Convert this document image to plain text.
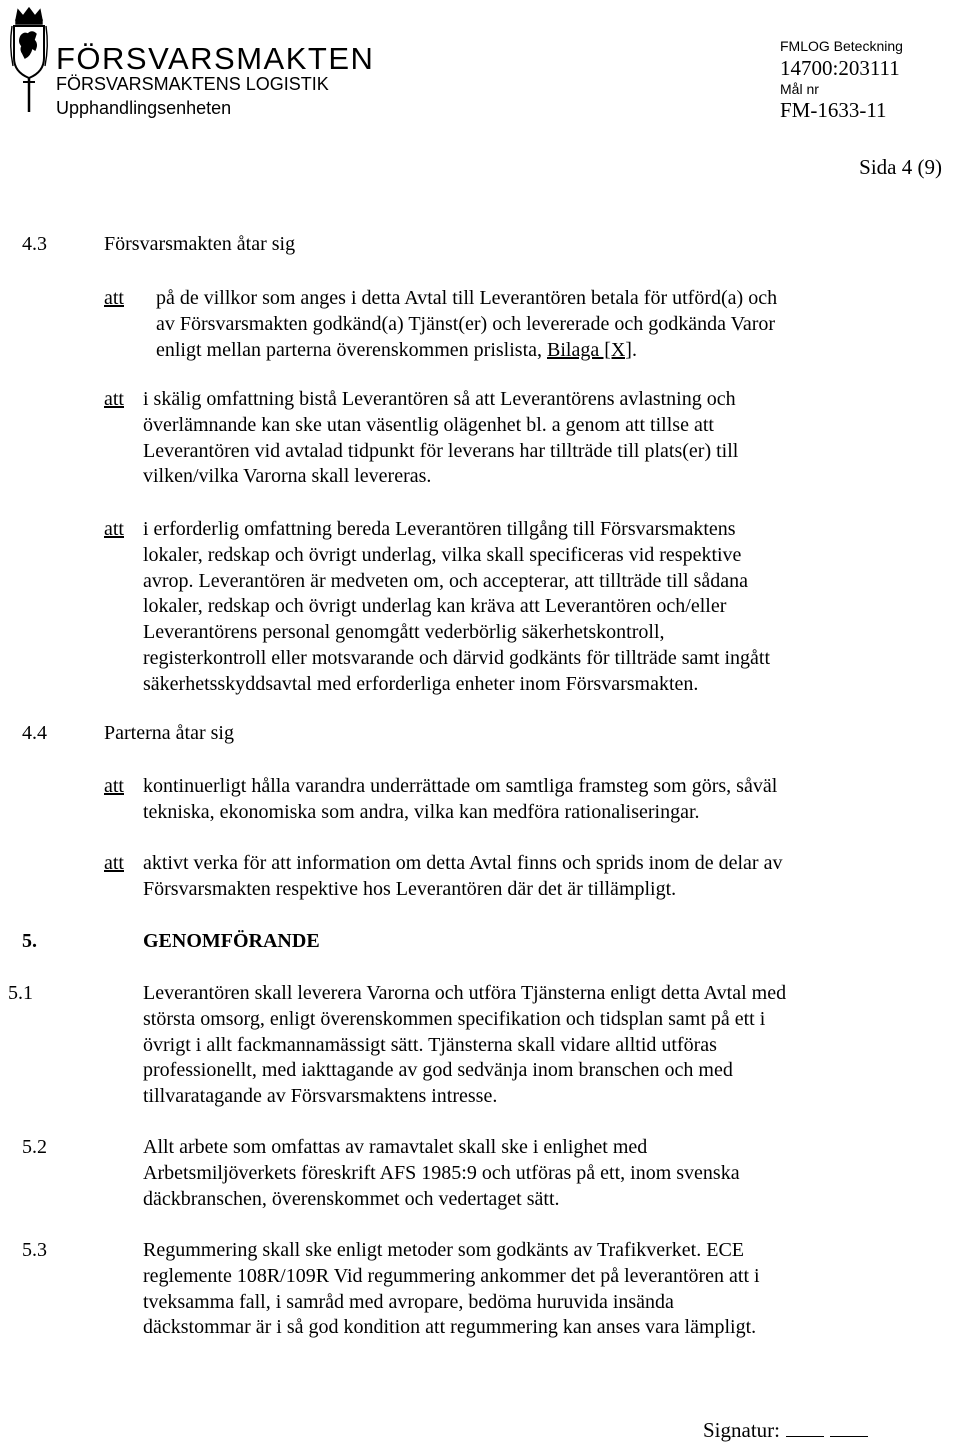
FÖRSVARSMAKTEN
FÖRSVARSMAKTENS LOGISTIK
Upphandlingsenheten
FMLOG Beteckning
14700:203111
Mål nr
FM-1633-11
Sida 4 (9)
4.3	Försvarsmakten åtar sig
att på de villkor som anges i detta Avtal till Leverantören betala för utförd(a) och
av Försvarsmakten godkänd(a) Tjänst(er) och levererade och godkända Varor
enligt mellan parterna överenskommen prislista, Bilaga [X].
att i skälig omfattning bistå Leverantören så att Leverantörens avlastning och
överlämnande kan ske utan väsentlig olägenhet bl. a genom att tillse att
Leverantören vid avtalad tidpunkt för leverans har tillträde till plats(er) till
vilken/vilka Varorna skall levereras.
att i erforderlig omfattning bereda Leverantören tillgång till Försvarsmaktens
lokaler, redskap och övrigt underlag, vilka skall specificeras vid respektive
avrop. Leverantören är medveten om, och accepterar, att tillträde till sådana
lokaler, redskap och övrigt underlag kan kräva att Leverantören och/eller
Leverantörens personal genomgått vederbörlig säkerhetskontroll,
registerkontroll eller motsvarande och därvid godkänts för tillträde samt ingått
säkerhetsskyddsavtal med erforderliga enheter inom Försvarsmakten.
4.4	Parterna åtar sig
att kontinuerligt hålla varandra underrättade om samtliga framsteg som görs, såväl
tekniska, ekonomiska som andra, vilka kan medföra rationaliseringar.
att aktivt verka för att information om detta Avtal finns och sprids inom de delar av
Försvarsmakten respektive hos Leverantören där det är tillämpligt.
5.	GENOMFÖRANDE
5.1	Leverantören skall leverera Varorna och utföra Tjänsterna enligt detta Avtal med
största omsorg, enligt överenskommen specifikation och tidsplan samt på ett i
övrigt i allt fackmannamässigt sätt. Tjänsterna skall vidare alltid utföras
professionellt, med iakttagande av god sedvänja inom branschen och med
tillvaratagande av Försvarsmaktens intresse.
5.2	Allt arbete som omfattas av ramavtalet skall ske i enlighet med
Arbetsmiljöverkets föreskrift AFS 1985:9 och utföras på ett, inom svenska
däckbranschen, överenskommet och vedertaget sätt.
5.3	Regummering skall ske enligt metoder som godkänts av Trafikverket. ECE
reglemente 108R/109R Vid regummering ankommer det på leverantören att i
tveksamma fall, i samråd med avropare, bedöma huruvida insända
däckstommar är i så god kondition att regummering kan anses vara lämpligt.
Signatur:
